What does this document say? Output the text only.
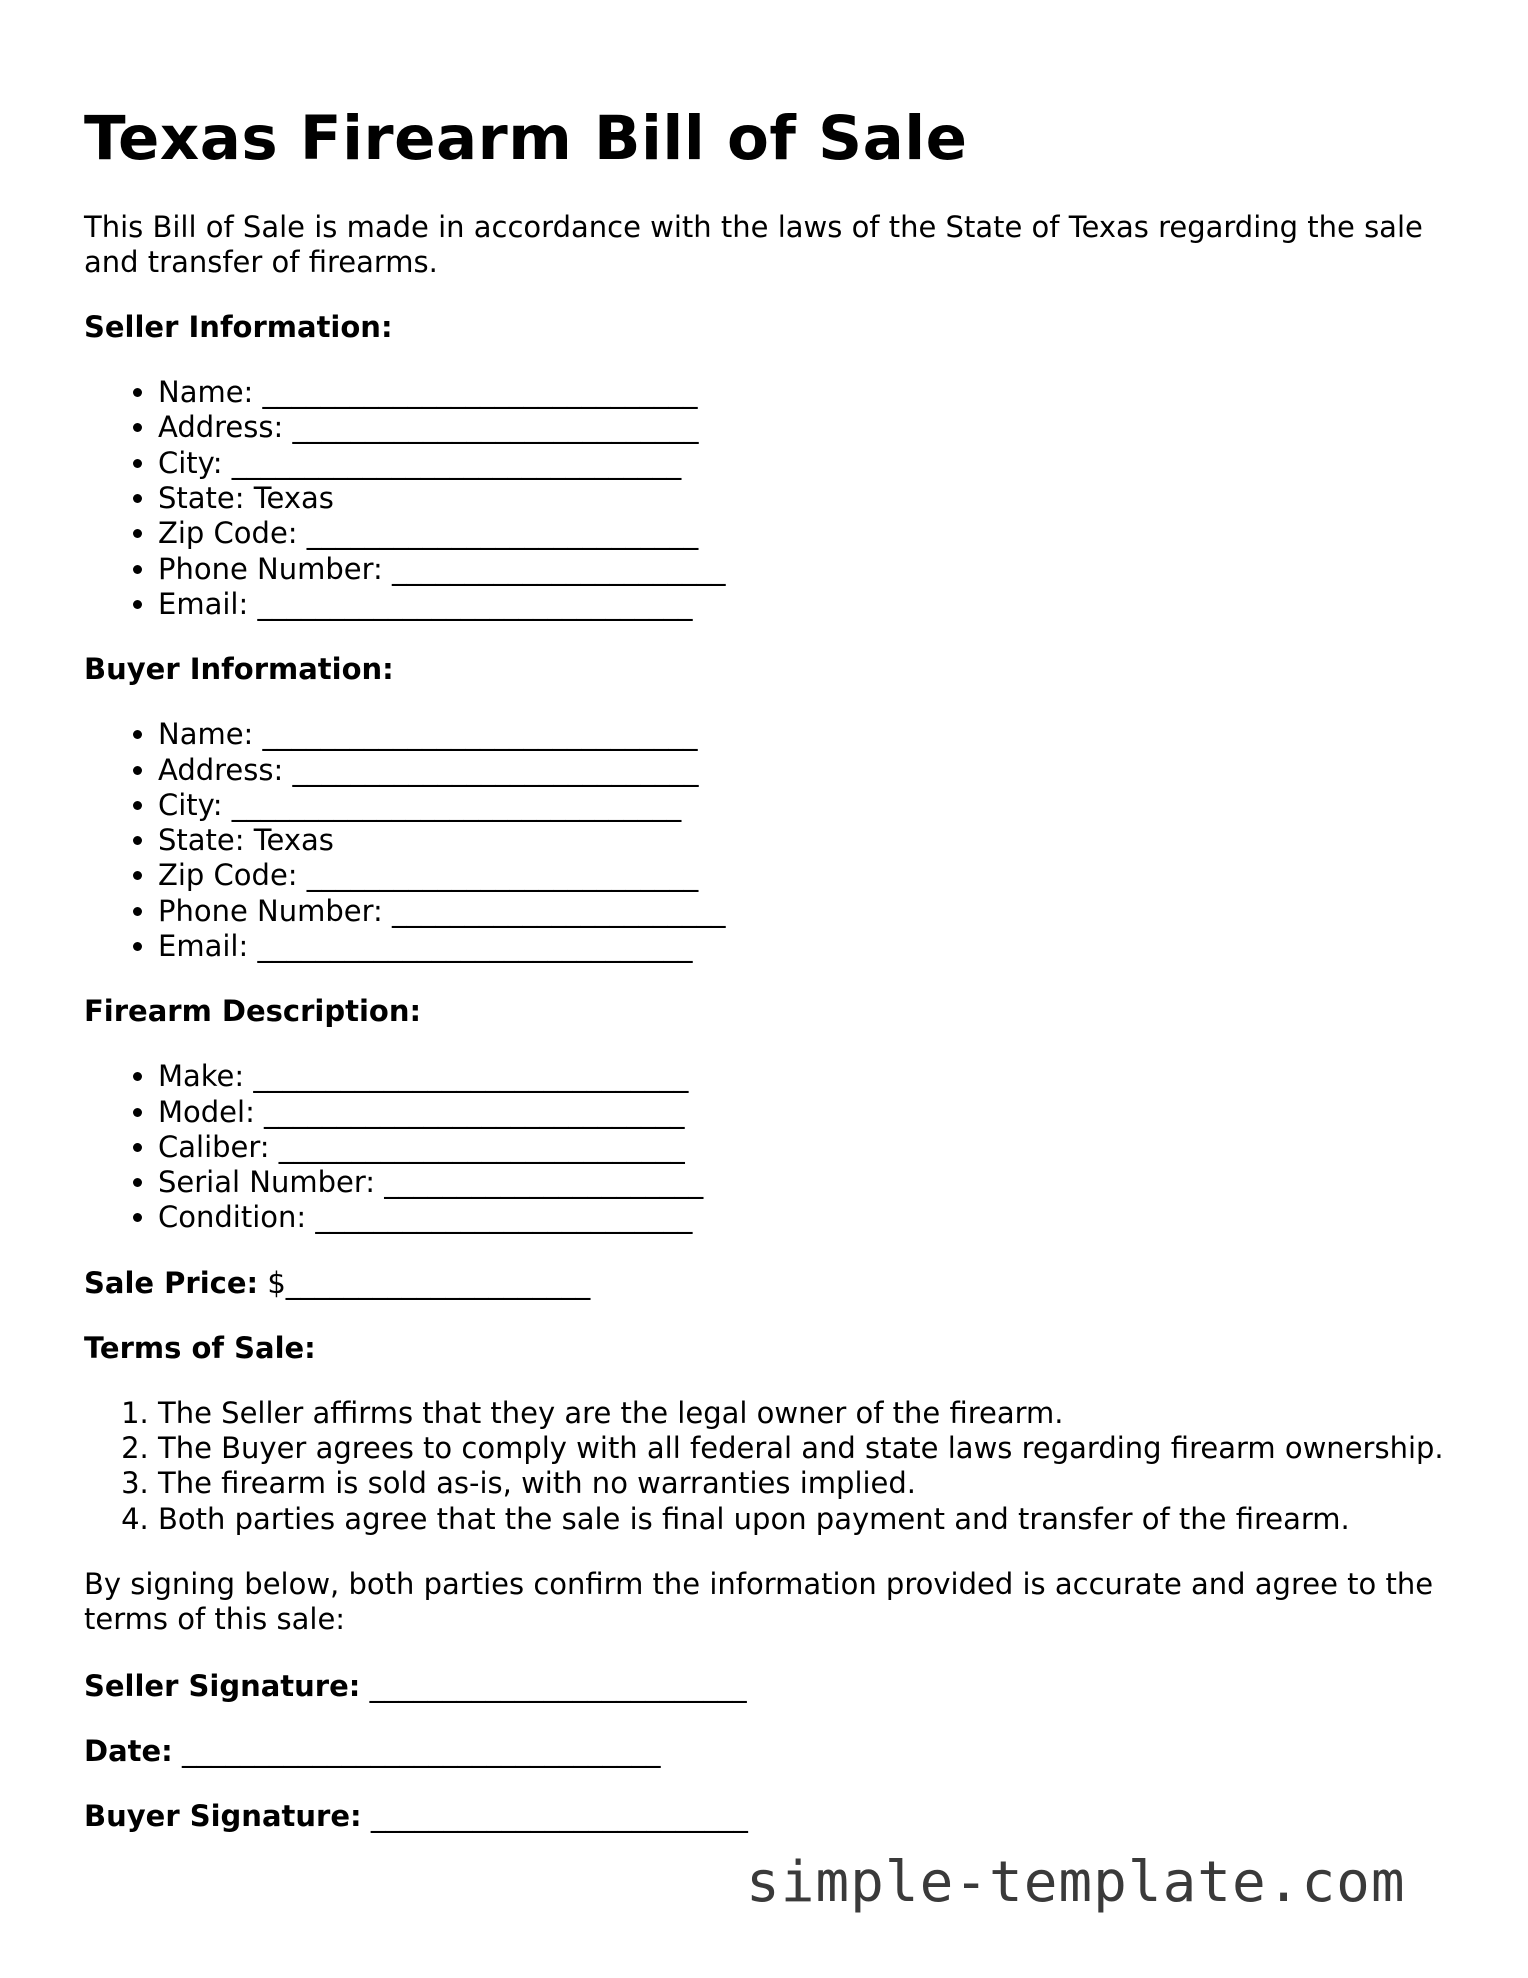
Texas Firearm Bill of Sale

This Bill of Sale is made in accordance with the laws of the State of Texas regarding the sale and transfer of firearms.

Seller Information:
• Name: ______________________________
• Address: ____________________________
• City: _______________________________
• State: Texas
• Zip Code: ___________________________
• Phone Number: _______________________
• Email: ______________________________
Buyer Information:
• Name: ______________________________
• Address: ____________________________
• City: _______________________________
• State: Texas
• Zip Code: ___________________________
• Phone Number: _______________________
• Email: ______________________________
Firearm Description:
• Make: ______________________________
• Model: _____________________________
• Caliber: ____________________________
• Serial Number: ______________________
• Condition: __________________________
Sale Price: $_____________________
Terms of Sale:
1. The Seller affirms that they are the legal owner of the firearm.
2. The Buyer agrees to comply with all federal and state laws regarding firearm ownership.
3. The firearm is sold as-is, with no warranties implied.
4. Both parties agree that the sale is final upon payment and transfer of the firearm.

By signing below, both parties confirm the information provided is accurate and agree to the terms of this sale:

Seller Signature: __________________________
Date: _________________________________
Buyer Signature: __________________________
simple-template.com
